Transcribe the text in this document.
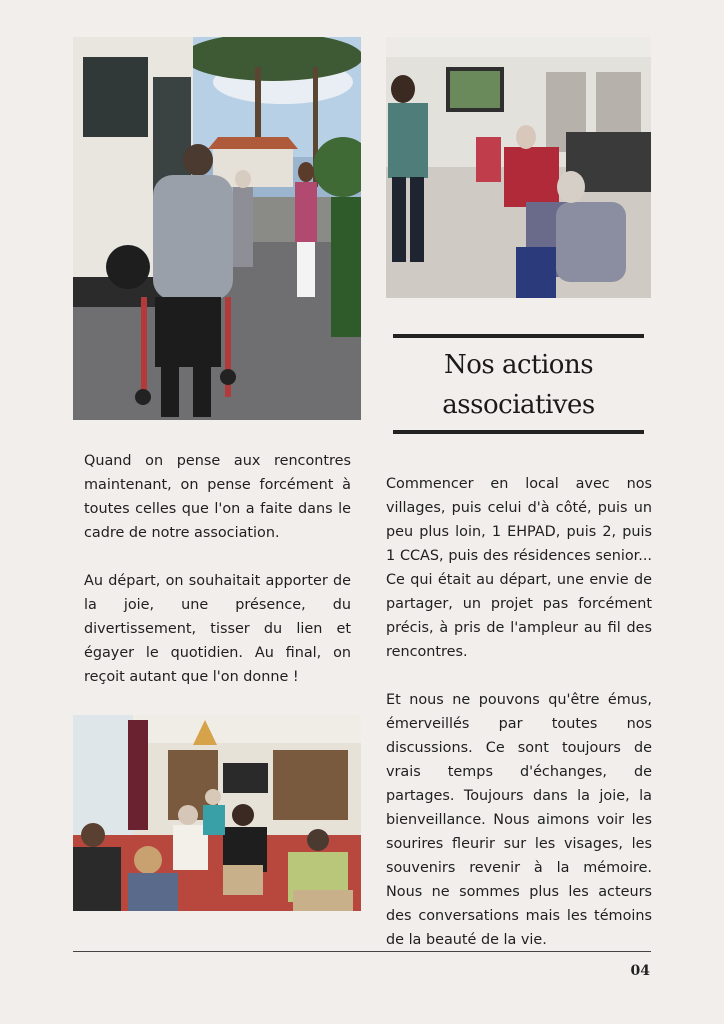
Nos actions
associatives

Quand on pense aux rencontres maintenant, on pense forcément à toutes celles que l'on a faite dans le cadre de notre association.

Au départ, on souhaitait apporter de la joie, une présence, du divertissement, tisser du lien et égayer le quotidien. Au final, on reçoit autant que l'on donne !

Commencer en local avec nos villages, puis celui d'à côté, puis un peu plus loin, 1 EHPAD, puis 2, puis 1 CCAS, puis des résidences senior... Ce qui était au départ, une envie de partager, un projet pas forcément précis, à pris de l'ampleur au fil des rencontres.

Et nous ne pouvons qu'être émus, émerveillés par toutes nos discussions. Ce sont toujours de vrais temps d'échanges, de partages. Toujours dans la joie, la bienveillance. Nous aimons voir les sourires fleurir sur les visages, les souvenirs revenir à la mémoire. Nous ne sommes plus les acteurs des conversations mais les témoins de la beauté de la vie.

04
